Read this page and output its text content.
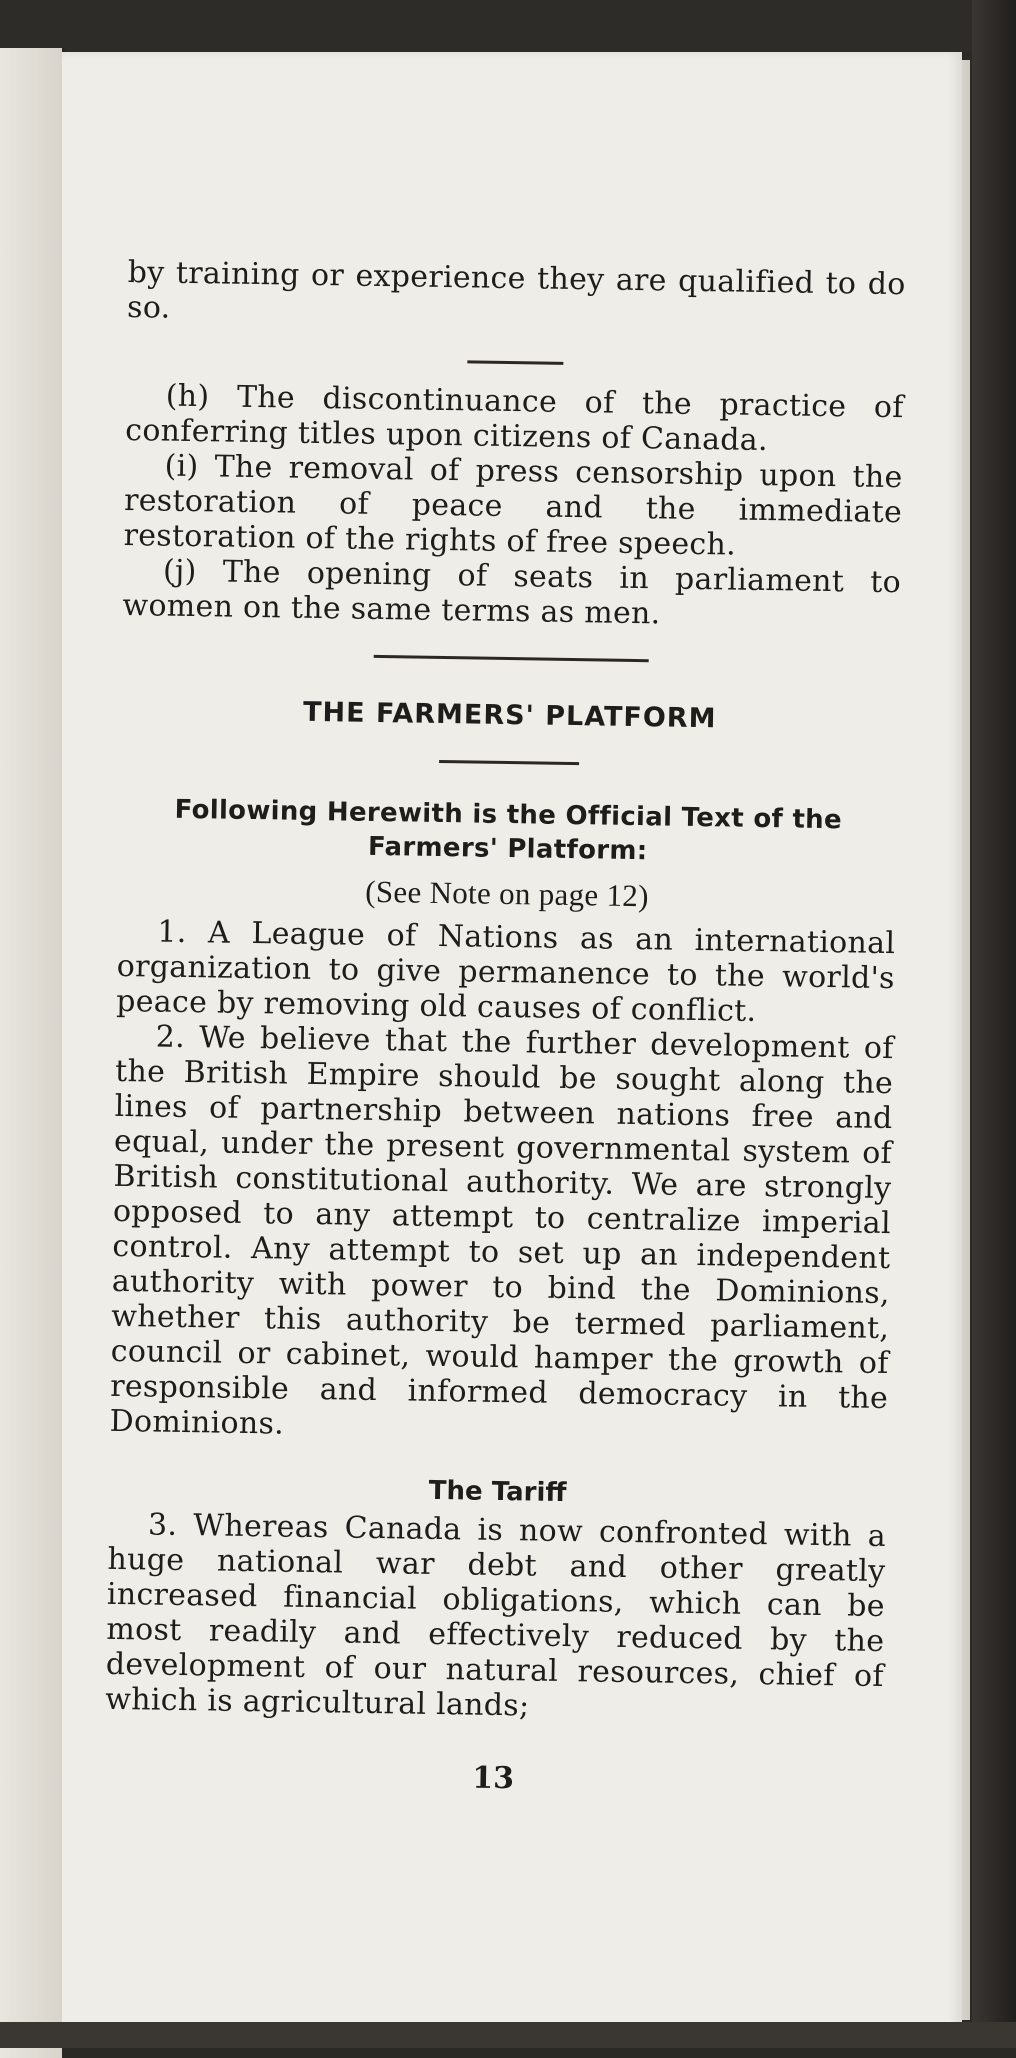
by training or experience they are qualified to do so.

(h) The discontinuance of the practice of conferring titles upon citizens of Canada.

(i) The removal of press censorship upon the restoration of peace and the immediate restoration of the rights of free speech.

(j) The opening of seats in parliament to women on the same terms as men.

THE FARMERS' PLATFORM

Following Herewith is the Official Text of the

Farmers' Platform:

(See Note on page 12)

1. A League of Nations as an international organization to give permanence to the world's peace by removing old causes of conflict.

2. We believe that the further development of the British Empire should be sought along the lines of partnership between nations free and equal, under the present governmental system of British constitutional authority. We are strongly opposed to any attempt to centralize imperial control. Any attempt to set up an independent authority with power to bind the Dominions, whether this authority be termed parliament, council or cabinet, would hamper the growth of responsible and informed democracy in the Dominions.

The Tariff

3. Whereas Canada is now confronted with a huge national war debt and other greatly increased financial obligations, which can be most readily and effectively reduced by the development of our natural resources, chief of which is agricultural lands;

13
